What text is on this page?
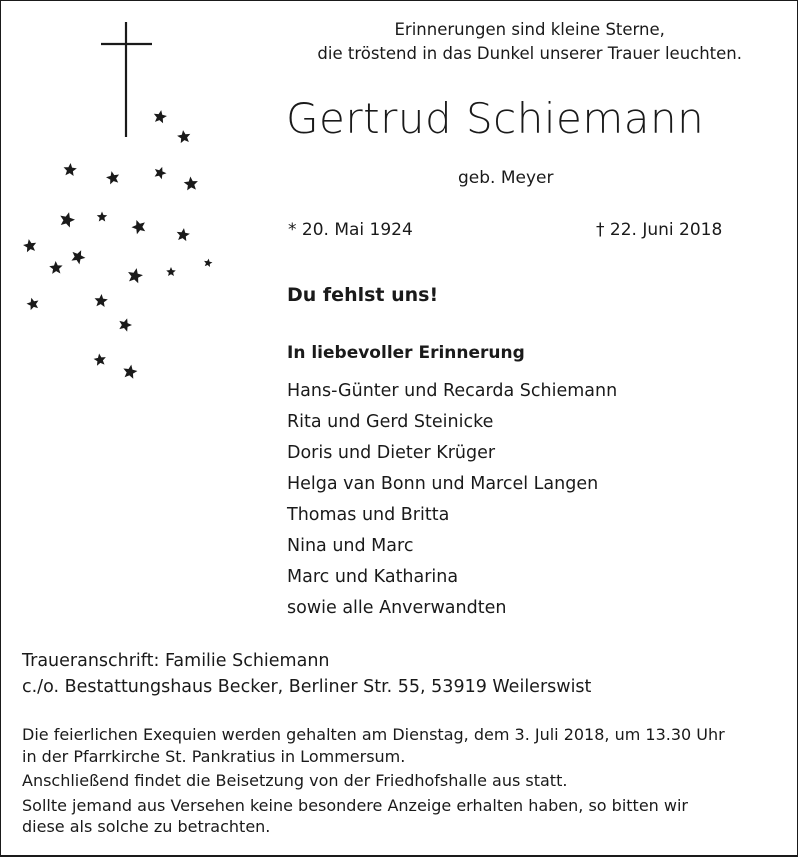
Erinnerungen sind kleine Sterne,
die tröstend in das Dunkel unserer Trauer leuchten.
Gertrud Schiemann
geb. Meyer
* 20. Mai 1924	† 22. Juni 2018
Du fehlst uns!
In liebevoller Erinnerung
Hans-Günter und Recarda Schiemann
Rita und Gerd Steinicke
Doris und Dieter Krüger
Helga van Bonn und Marcel Langen
Thomas und Britta
Nina und Marc
Marc und Katharina
sowie alle Anverwandten
Traueranschrift: Familie Schiemann
c./o. Bestattungshaus Becker, Berliner Str. 55, 53919 Weilerswist
Die feierlichen Exequien werden gehalten am Dienstag, dem 3. Juli 2018, um 13.30 Uhr
in der Pfarrkirche St. Pankratius in Lommersum.
Anschließend findet die Beisetzung von der Friedhofshalle aus statt.
Sollte jemand aus Versehen keine besondere Anzeige erhalten haben, so bitten wir
diese als solche zu betrachten.
